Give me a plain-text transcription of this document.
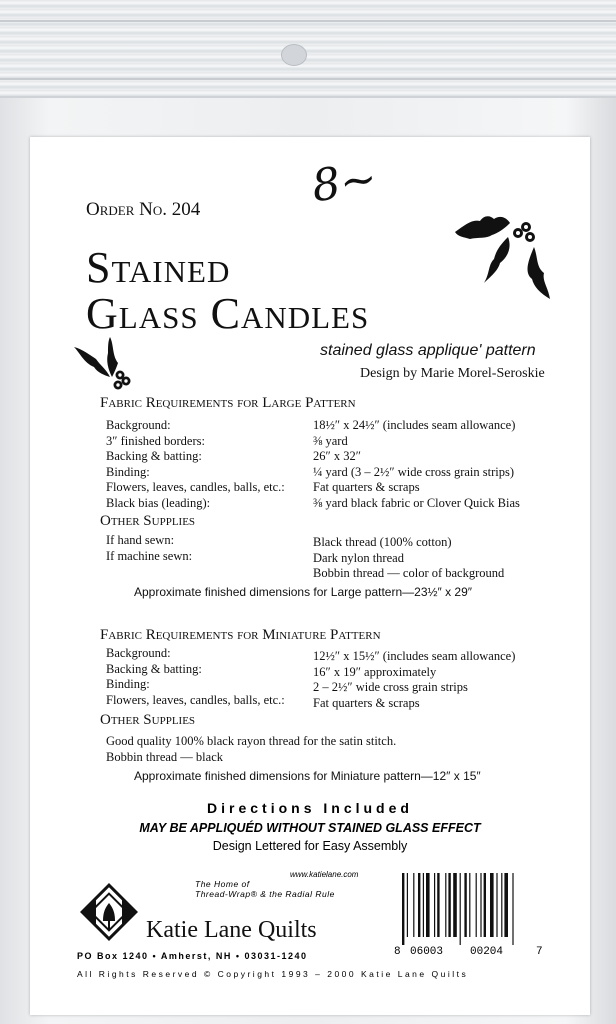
8~
Order No. 204
Stained
Glass Candles
stained glass applique' pattern
Design by Marie Morel-Seroskie
Fabric Requirements for Large Pattern
Background:
3″ finished borders:
Backing & batting:
Binding:
Flowers, leaves, candles, balls, etc.:
Black bias (leading):
18½″ x 24½″ (includes seam allowance)
⅜ yard
26″ x 32″
¼ yard (3 – 2½″ wide cross grain strips)
Fat quarters & scraps
⅜ yard black fabric or Clover Quick Bias
Other Supplies
If hand sewn:
If machine sewn:
Black thread (100% cotton)
Dark nylon thread
Bobbin thread — color of background
Approximate finished dimensions for Large pattern—23½″ x 29″
Fabric Requirements for Miniature Pattern
Background:
Backing & batting:
Binding:
Flowers, leaves, candles, balls, etc.:
12½″ x 15½″ (includes seam allowance)
16″ x 19″ approximately
2 – 2½″ wide cross grain strips
Fat quarters & scraps
Other Supplies
Good quality 100% black rayon thread for the satin stitch.
Bobbin thread — black
Approximate finished dimensions for Miniature pattern—12″ x 15″
Directions Included
MAY BE APPLIQUÉD WITHOUT STAINED GLASS EFFECT
Design Lettered for Easy Assembly
www.katielane.com
The Home of
Thread-Wrap® & the Radial Rule
Katie Lane Quilts
PO Box 1240 • Amherst, NH • 03031-1240
All Rights Reserved © Copyright 1993 – 2000 Katie Lane Quilts
8 06003 00204	7
